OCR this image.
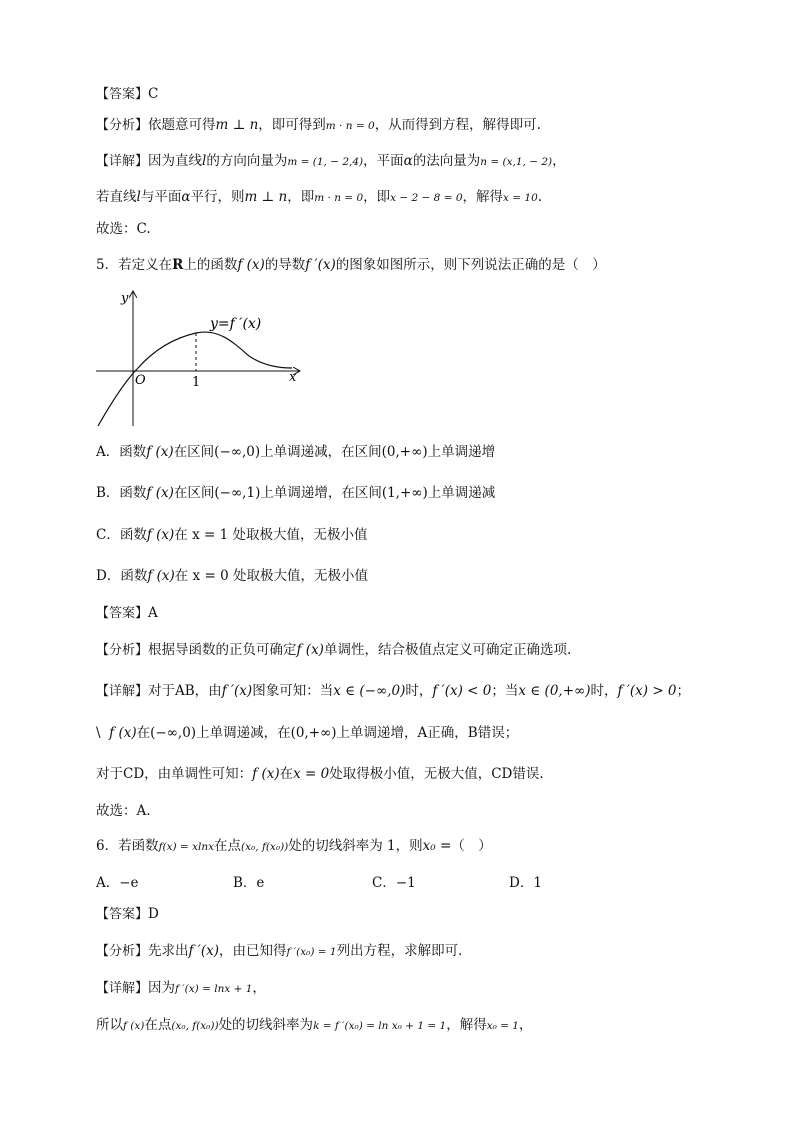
【答案】C
【分析】依题意可得m ⊥ n，即可得到m · n = 0，从而得到方程，解得即可.
【详解】因为直线l的方向向量为m = (1, − 2,4)，平面α的法向量为n = (x,1, − 2)，
若直线l与平面α平行，则m ⊥ n，即m · n = 0，即x − 2 − 8 = 0，解得x = 10.
故选：C.
5．若定义在R上的函数f (x)的导数f ′(x)的图象如图所示，则下列说法正确的是（　）
y
x
O	1
y=f ′(x)
A．函数f (x)在区间(−∞,0)上单调递减，在区间(0,+∞)上单调递增
B．函数f (x)在区间(−∞,1)上单调递增，在区间(1,+∞)上单调递减
C．函数f (x)在 x = 1 处取极大值，无极小值
D．函数f (x)在 x = 0 处取极大值，无极小值
【答案】A
【分析】根据导函数的正负可确定f (x)单调性，结合极值点定义可确定正确选项.
【详解】对于AB，由f ′(x)图象可知：当x ∈ (−∞,0)时，f ′(x) < 0；当x ∈ (0,+∞)时，f ′(x) > 0；
\ f (x)在(−∞,0)上单调递减，在(0,+∞)上单调递增，A正确，B错误；
对于CD，由单调性可知：f (x)在x = 0处取得极小值，无极大值，CD错误.
故选：A.
6．若函数f(x) = xlnx在点(x₀, f(x₀))处的切线斜率为 1，则x₀ =（　）
A．−e	B．e	C．−1	D．1
【答案】D
【分析】先求出f ′(x)，由已知得f ′(x₀) = 1列出方程，求解即可．
【详解】因为f ′(x) = lnx + 1，
所以f (x)在点(x₀, f(x₀))处的切线斜率为k = f ′(x₀) = ln x₀ + 1 = 1，解得x₀ = 1，
